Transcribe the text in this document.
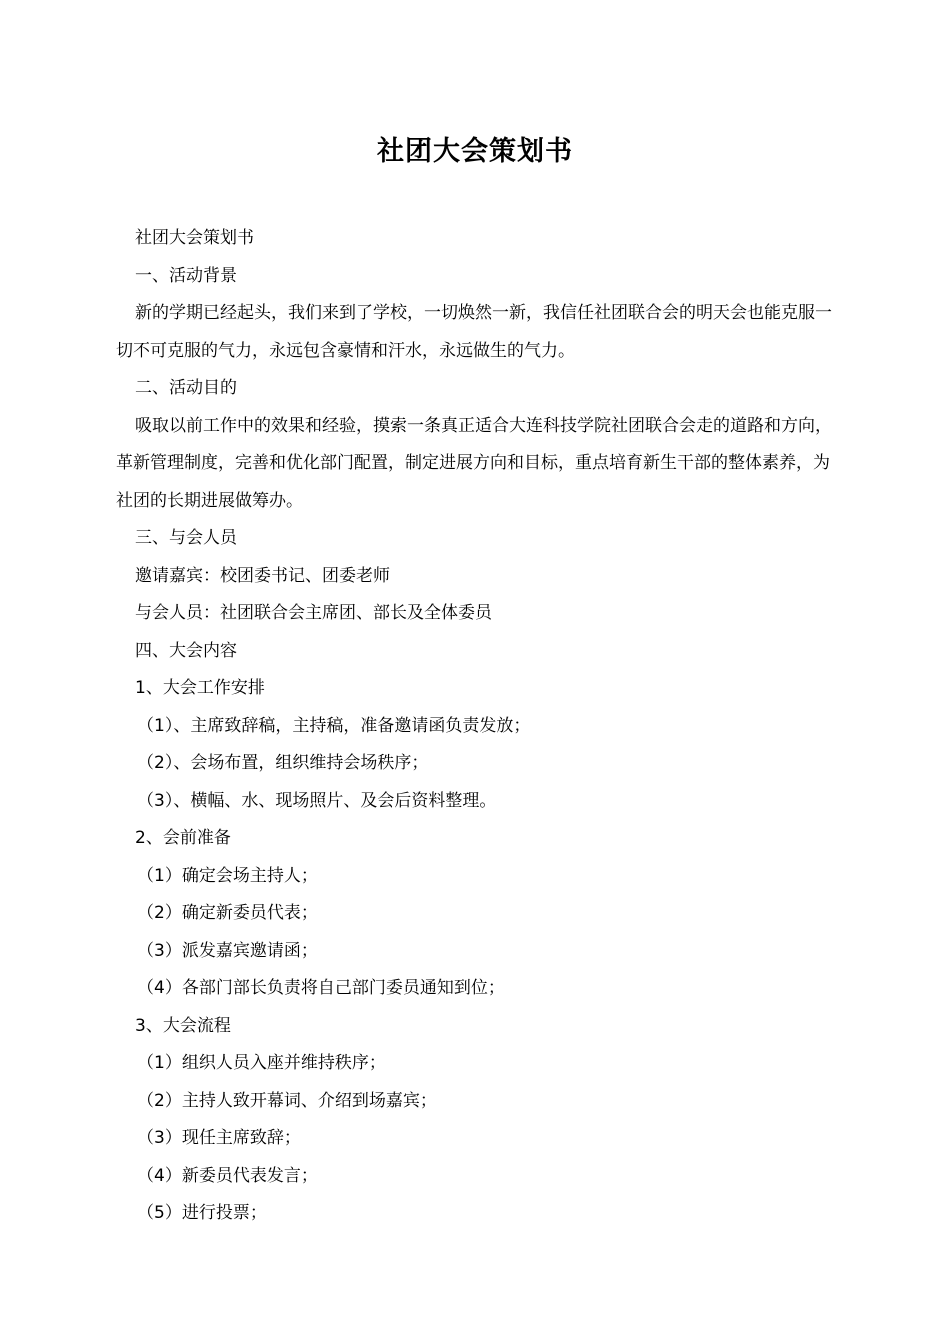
社团大会策划书

社团大会策划书

一、活动背景

新的学期已经起头，我们来到了学校，一切焕然一新，我信任社团联合会的明天会也能克服一切不可克服的气力，永远包含豪情和汗水，永远做生的气力。

二、活动目的

吸取以前工作中的效果和经验，摸索一条真正适合大连科技学院社团联合会走的道路和方向，革新管理制度，完善和优化部门配置，制定进展方向和目标，重点培育新生干部的整体素养，为社团的长期进展做筹办。

三、与会人员

邀请嘉宾：校团委书记、团委老师

与会人员：社团联合会主席团、部长及全体委员

四、大会内容

1、大会工作安排

（1）、主席致辞稿，主持稿，准备邀请函负责发放；

（2）、会场布置，组织维持会场秩序；

（3）、横幅、水、现场照片、及会后资料整理。

2、会前准备

（1）确定会场主持人；

（2）确定新委员代表；

（3）派发嘉宾邀请函；

（4）各部门部长负责将自己部门委员通知到位；

3、大会流程

（1）组织人员入座并维持秩序；

（2）主持人致开幕词、介绍到场嘉宾；

（3）现任主席致辞；

（4）新委员代表发言；

（5）进行投票；
